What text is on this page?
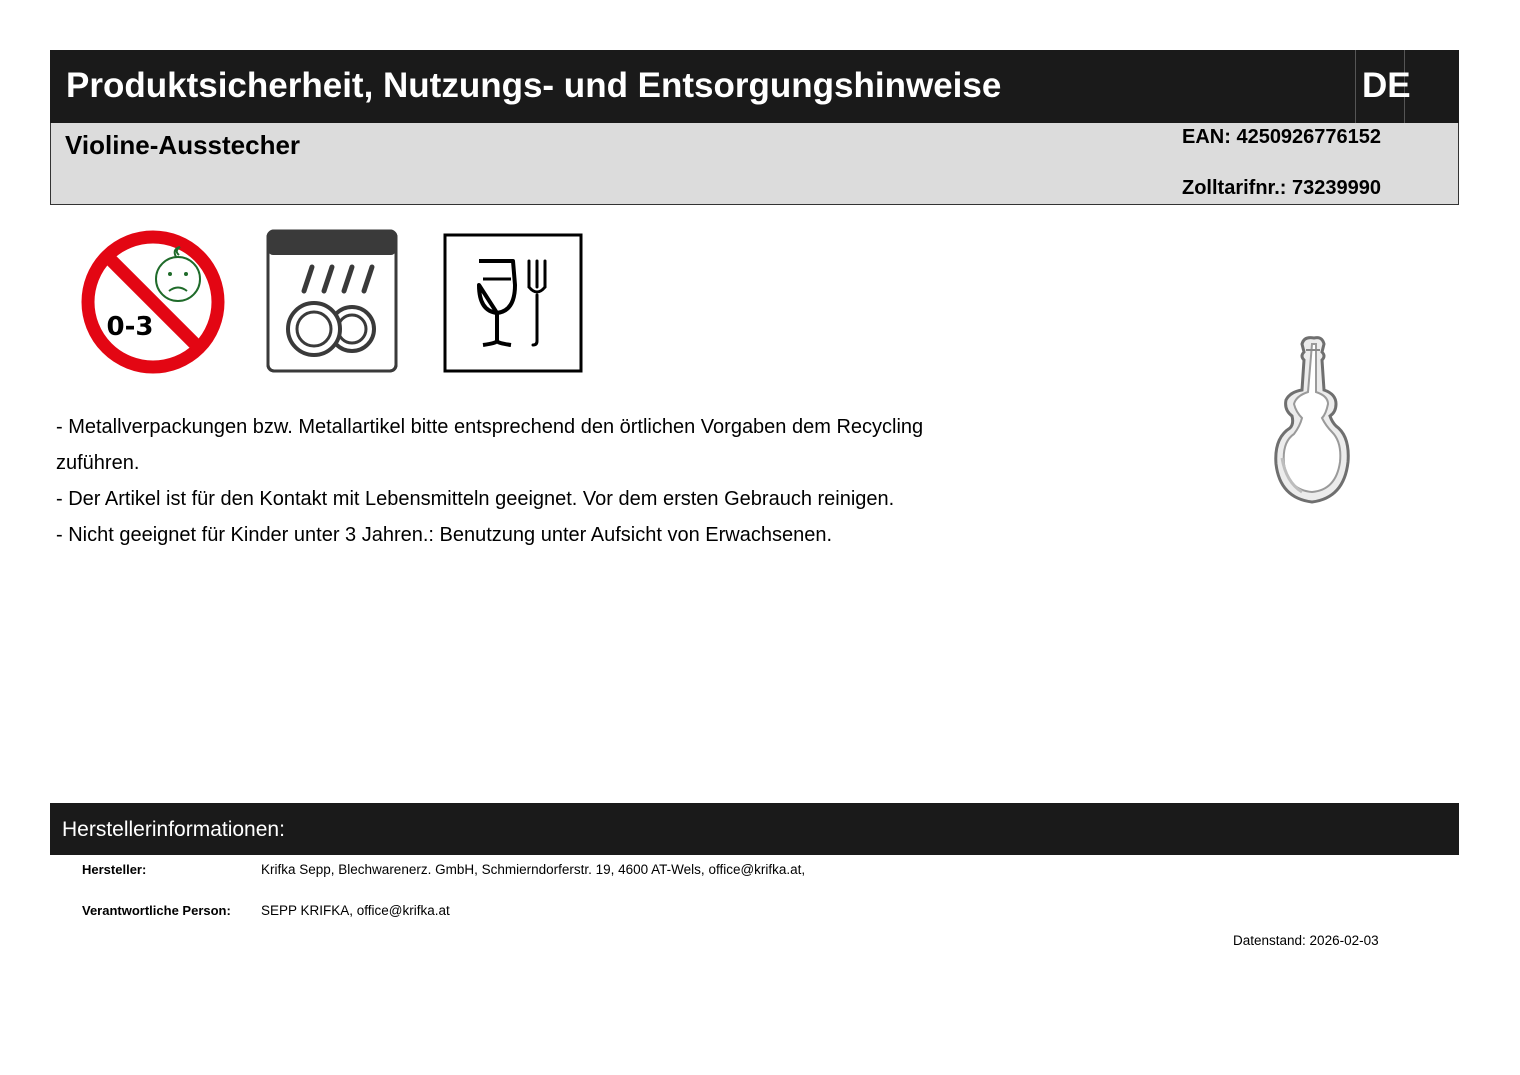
Produktsicherheit, Nutzungs- und Entsorgungshinweise	DE
Violine-Ausstecher	EAN: 4250926776152
Zolltarifnr.: 73239990
0-3

- Metallverpackungen bzw. Metallartikel bitte entsprechend den örtlichen Vorgaben dem Recycling

zuführen.

- Der Artikel ist für den Kontakt mit Lebensmitteln geeignet. Vor dem ersten Gebrauch reinigen.

- Nicht geeignet für Kinder unter 3 Jahren.: Benutzung unter Aufsicht von Erwachsenen.

Herstellerinformationen:
Hersteller:	Krifka Sepp, Blechwarenerz. GmbH, Schmierndorferstr. 19, 4600 AT-Wels, office@krifka.at,
Verantwortliche Person: SEPP KRIFKA, office@krifka.at
Datenstand: 2026-02-03
